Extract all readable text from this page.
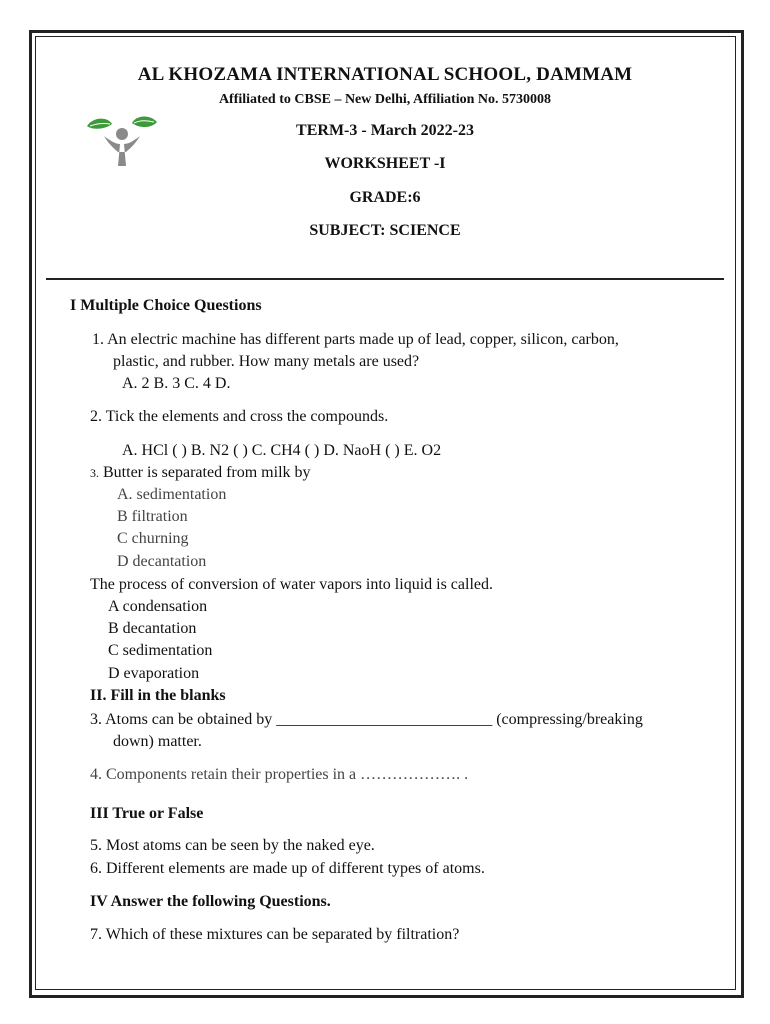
AL KHOZAMA INTERNATIONAL SCHOOL, DAMMAM
Affiliated to CBSE – New Delhi, Affiliation No. 5730008
TERM-3 - March 2022-23
WORKSHEET -I
GRADE:6
SUBJECT: SCIENCE
I Multiple Choice Questions
1. An electric machine has different parts made up of lead, copper, silicon, carbon,
plastic, and rubber. How many metals are used?
A. 2 B. 3 C. 4 D.
2. Tick the elements and cross the compounds.
A. HCl ( ) B. N2 ( ) C. CH4 ( ) D. NaoH ( ) E. O2
3. Butter is separated from milk by
A. sedimentation
B filtration
C churning
D decantation
The process of conversion of water vapors into liquid is called.
A condensation
B decantation
C sedimentation
D evaporation
II. Fill in the blanks
3. Atoms can be obtained by ___________________________ (compressing/breaking
down) matter.
4. Components retain their properties in a ………………. .
III True or False
5. Most atoms can be seen by the naked eye.
6. Different elements are made up of different types of atoms.
IV Answer the following Questions.
7. Which of these mixtures can be separated by filtration?
